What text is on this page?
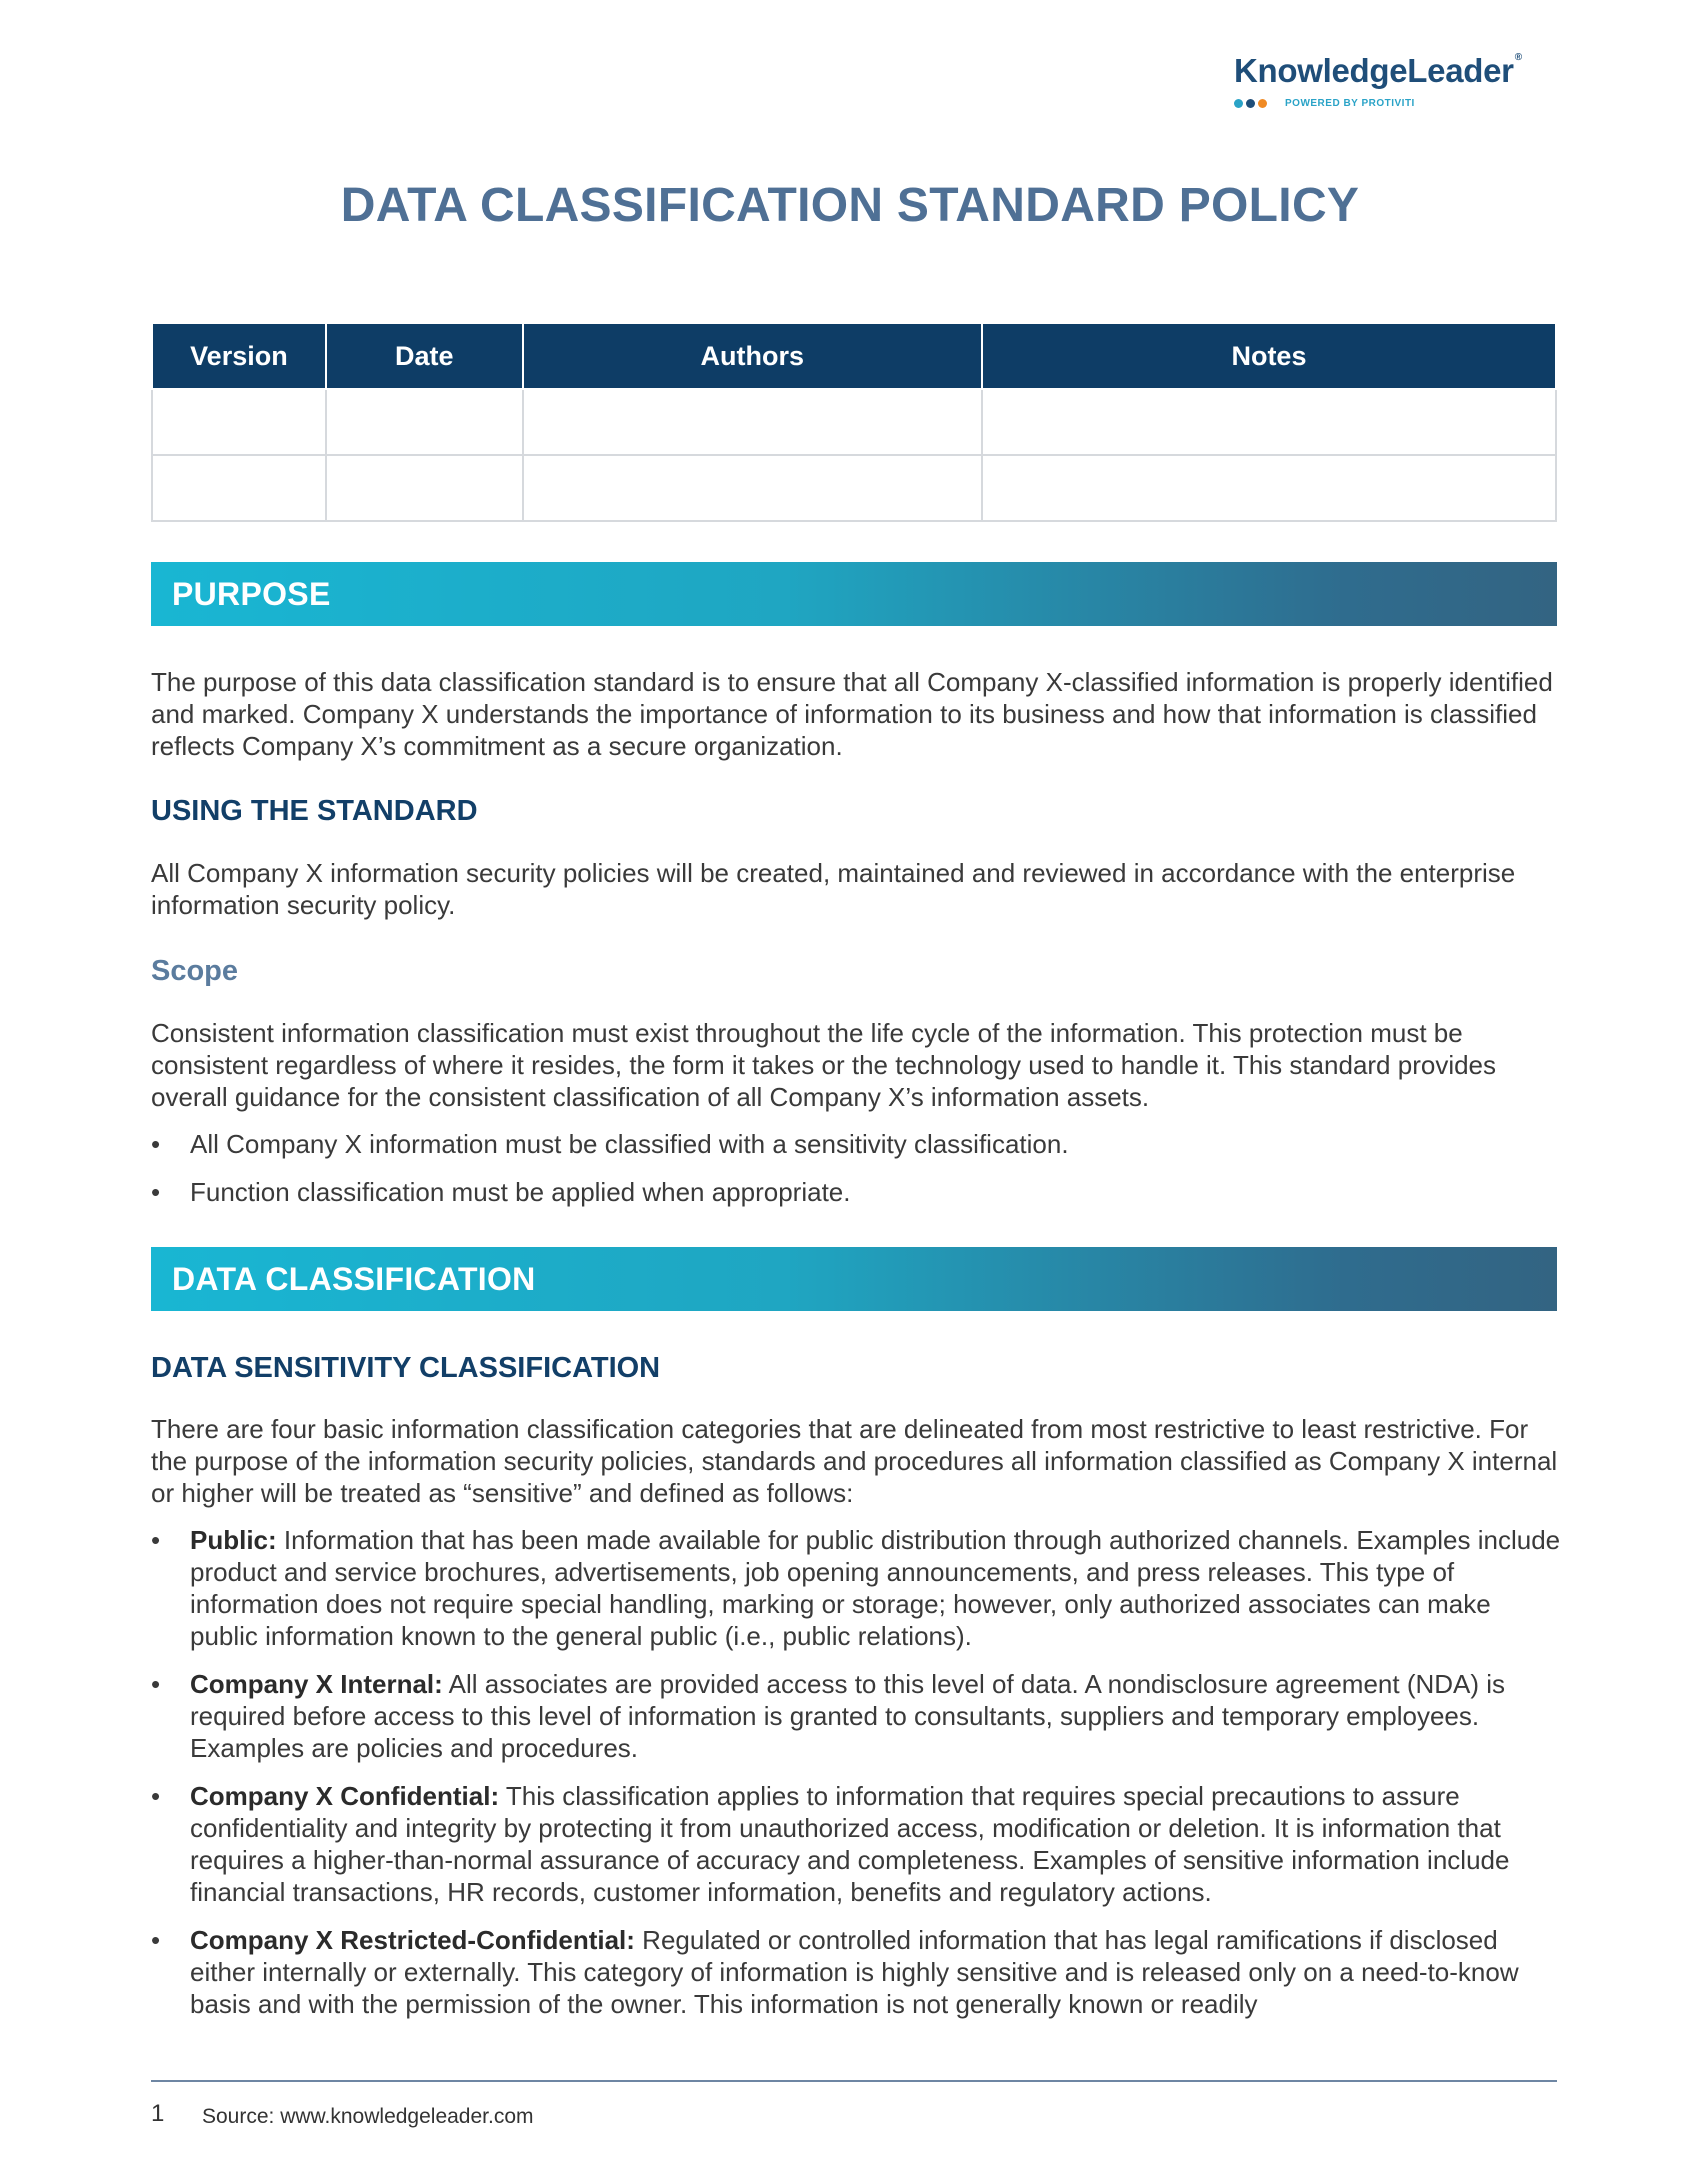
KnowledgeLeader®
POWERED BY PROTIVITI
DATA CLASSIFICATION STANDARD POLICY
Version	Date	Authors	Notes

PURPOSE

The purpose of this data classification standard is to ensure that all Company X-classified information is properly identified and marked. Company X understands the importance of information to its business and how that information is classified reflects Company X’s commitment as a secure organization.

USING THE STANDARD

All Company X information security policies will be created, maintained and reviewed in accordance with the enterprise information security policy.

Scope

Consistent information classification must exist throughout the life cycle of the information. This protection must be consistent regardless of where it resides, the form it takes or the technology used to handle it. This standard provides overall guidance for the consistent classification of all Company X’s information assets.

• All Company X information must be classified with a sensitivity classification.
• Function classification must be applied when appropriate.
DATA CLASSIFICATION
DATA SENSITIVITY CLASSIFICATION

There are four basic information classification categories that are delineated from most restrictive to least restrictive. For the purpose of the information security policies, standards and procedures all information classified as Company X internal or higher will be treated as “sensitive” and defined as follows:

• Public: Information that has been made available for public distribution through authorized channels. Examples include product and service brochures, advertisements, job opening announcements, and press releases. This type of information does not require special handling, marking or storage; however, only authorized associates can make public information known to the general public (i.e., public relations).
• Company X Internal: All associates are provided access to this level of data. A nondisclosure agreement (NDA) is required before access to this level of information is granted to consultants, suppliers and temporary employees. Examples are policies and procedures.
• Company X Confidential: This classification applies to information that requires special precautions to assure confidentiality and integrity by protecting it from unauthorized access, modification or deletion. It is information that requires a higher-than-normal assurance of accuracy and completeness. Examples of sensitive information include financial transactions, HR records, customer information, benefits and regulatory actions.
• Company X Restricted-Confidential: Regulated or controlled information that has legal ramifications if disclosed either internally or externally. This category of information is highly sensitive and is released only on a need-to-know basis and with the permission of the owner. This information is not generally known or readily
1 Source: www.knowledgeleader.com
